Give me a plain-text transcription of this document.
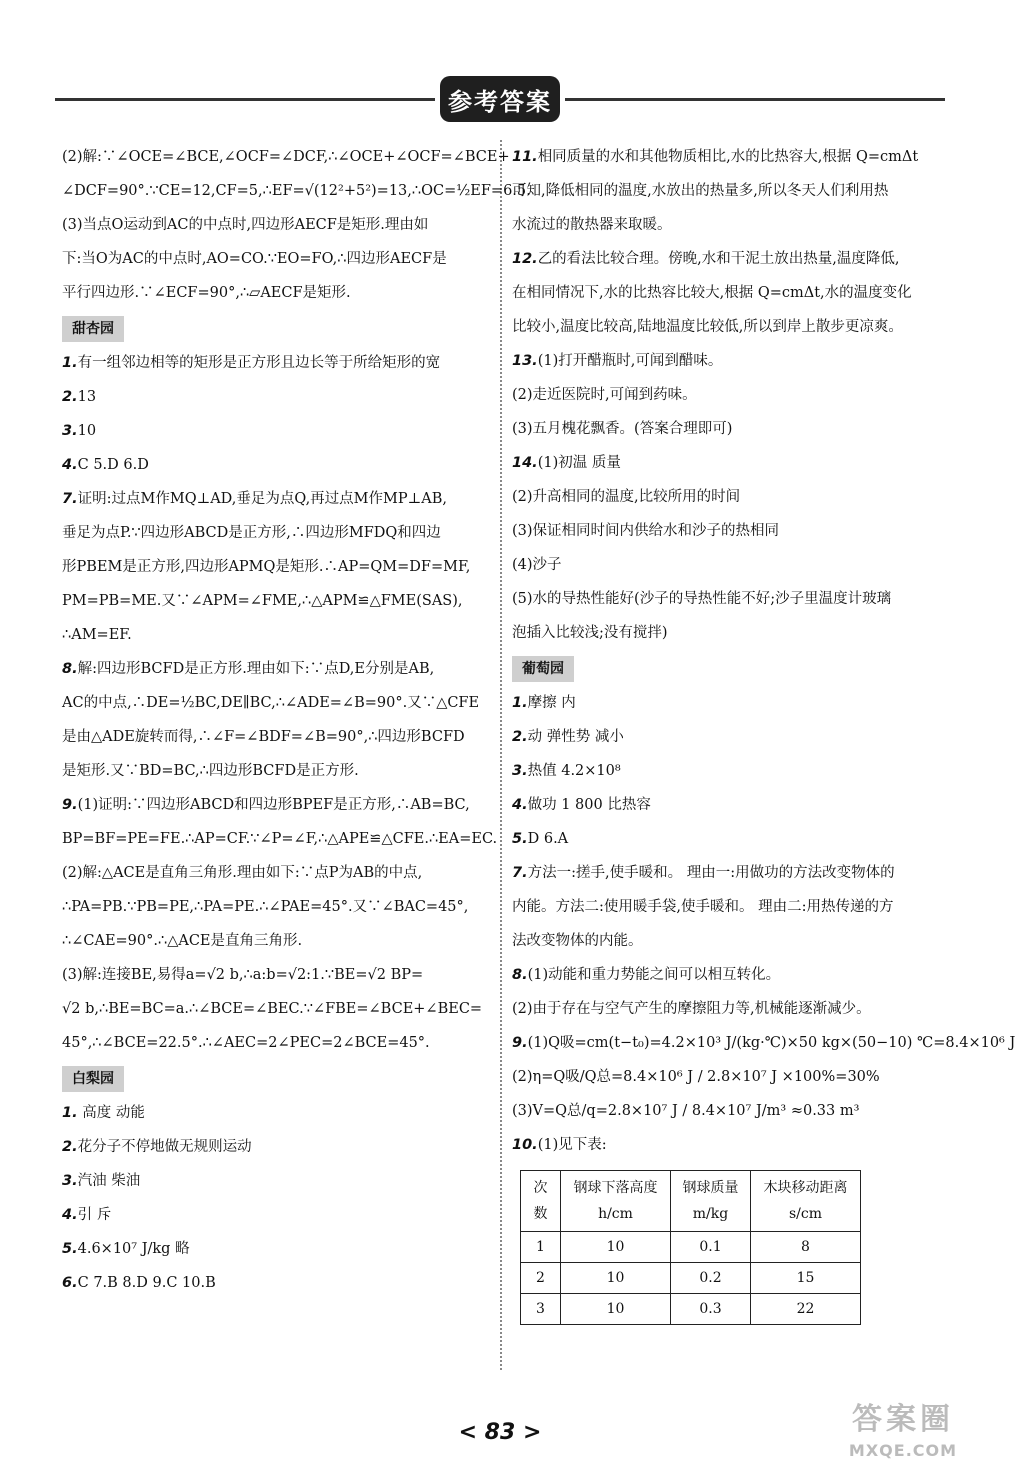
参考答案
(2)解:∵∠OCE=∠BCE,∠OCF=∠DCF,∴∠OCE+∠OCF=∠BCE+
∠DCF=90°.∵CE=12,CF=5,∴EF=√(12²+5²)=13,∴OC=½EF=6.5.
(3)当点O运动到AC的中点时,四边形AECF是矩形.理由如
下:当O为AC的中点时,AO=CO.∵EO=FO,∴四边形AECF是
平行四边形.∵∠ECF=90°,∴▱AECF是矩形.
甜杏园
1.有一组邻边相等的矩形是正方形且边长等于所给矩形的宽
2.13
3.10
4.C 5.D 6.D
7.证明:过点M作MQ⊥AD,垂足为点Q,再过点M作MP⊥AB,
垂足为点P.∵四边形ABCD是正方形,∴四边形MFDQ和四边
形PBEM是正方形,四边形APMQ是矩形.∴AP=QM=DF=MF,
PM=PB=ME.又∵∠APM=∠FME,∴△APM≌△FME(SAS),
∴AM=EF.
8.解:四边形BCFD是正方形.理由如下:∵点D,E分别是AB,
AC的中点,∴DE=½BC,DE∥BC,∴∠ADE=∠B=90°.又∵△CFE
是由△ADE旋转而得,∴∠F=∠BDF=∠B=90°,∴四边形BCFD
是矩形.又∵BD=BC,∴四边形BCFD是正方形.
9.(1)证明:∵四边形ABCD和四边形BPEF是正方形,∴AB=BC,
BP=BF=PE=FE.∴AP=CF.∵∠P=∠F,∴△APE≌△CFE.∴EA=EC.
(2)解:△ACE是直角三角形.理由如下:∵点P为AB的中点,
∴PA=PB.∵PB=PE,∴PA=PE.∴∠PAE=45°.又∵∠BAC=45°,
∴∠CAE=90°.∴△ACE是直角三角形.
(3)解:连接BE,易得a=√2 b,∴a:b=√2:1.∵BE=√2 BP=
√2 b,∴BE=BC=a.∴∠BCE=∠BEC.∵∠FBE=∠BCE+∠BEC=
45°,∴∠BCE=22.5°.∴∠AEC=2∠PEC=2∠BCE=45°.
白梨园
1. 高度 动能
2.花分子不停地做无规则运动
3.汽油 柴油
4.引 斥
5.4.6×10⁷ J/kg 略
6.C 7.B 8.D 9.C 10.B
11.相同质量的水和其他物质相比,水的比热容大,根据 Q=cmΔt
可知,降低相同的温度,水放出的热量多,所以冬天人们利用热
水流过的散热器来取暖。
12.乙的看法比较合理。傍晚,水和干泥土放出热量,温度降低,
在相同情况下,水的比热容比较大,根据 Q=cmΔt,水的温度变化
比较小,温度比较高,陆地温度比较低,所以到岸上散步更凉爽。
13.(1)打开醋瓶时,可闻到醋味。
(2)走近医院时,可闻到药味。
(3)五月槐花飘香。(答案合理即可)
14.(1)初温 质量
(2)升高相同的温度,比较所用的时间
(3)保证相同时间内供给水和沙子的热相同
(4)沙子
(5)水的导热性能好(沙子的导热性能不好;沙子里温度计玻璃
泡插入比较浅;没有搅拌)
葡萄园
1.摩擦 内
2.动 弹性势 减小
3.热值 4.2×10⁸
4.做功 1 800 比热容
5.D 6.A
7.方法一:搓手,使手暖和。 理由一:用做功的方法改变物体的
内能。方法二:使用暖手袋,使手暖和。 理由二:用热传递的方
法改变物体的内能。
8.(1)动能和重力势能之间可以相互转化。
(2)由于存在与空气产生的摩擦阻力等,机械能逐渐减少。
9.(1)Q吸=cm(t−t₀)=4.2×10³ J/(kg·℃)×50 kg×(50−10) ℃=8.4×10⁶ J
(2)η=Q吸/Q总=8.4×10⁶ J / 2.8×10⁷ J ×100%=30%
(3)V=Q总/q=2.8×10⁷ J / 8.4×10⁷ J/m³ ≈0.33 m³
10.(1)见下表:
次数	钢球下落高度 h/cm	钢球质量 m/kg	木块移动距离 s/cm
1	10	0.1	8
2	10	0.2	15
3	10	0.3	22
< 83 >	答案圈
MXQE.COM
